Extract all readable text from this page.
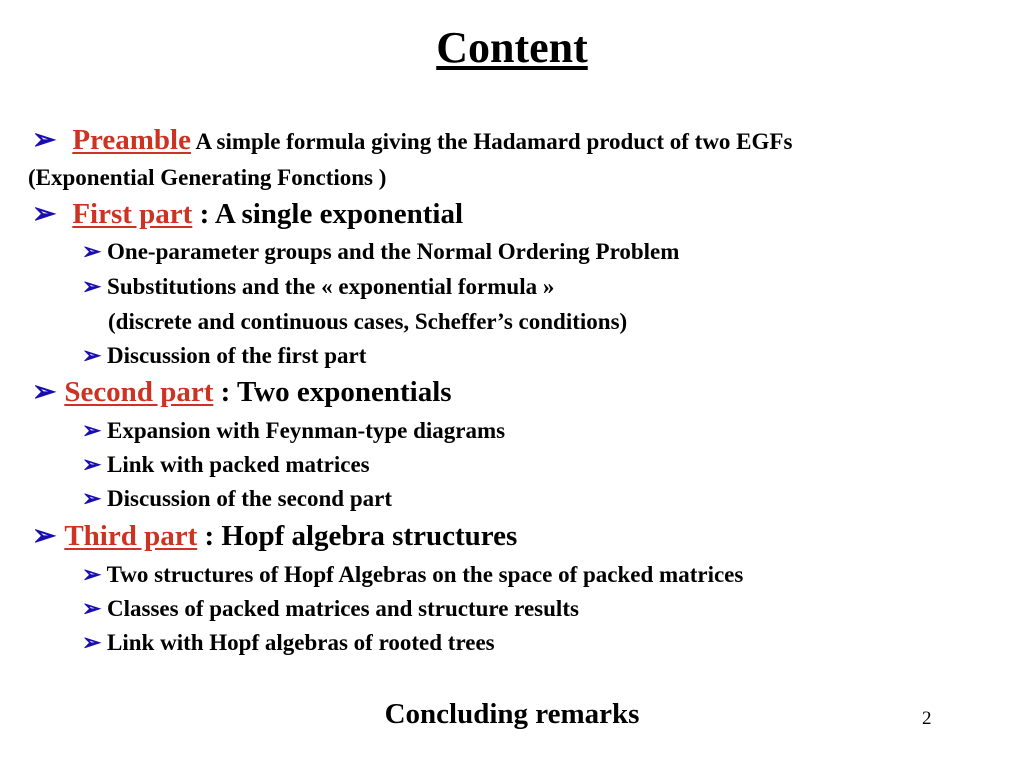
Content
➢ Preamble A simple formula giving the Hadamard product of two EGFs
(Exponential Generating Fonctions )
➢ First part : A single exponential
➢ One-parameter groups and the Normal Ordering Problem
➢ Substitutions and the « exponential formula »
(discrete and continuous cases, Scheffer’s conditions)
➢ Discussion of the first part
➢ Second part : Two exponentials
➢ Expansion with Feynman-type diagrams
➢ Link with packed matrices
➢ Discussion of the second part
➢ Third part : Hopf algebra structures
➢ Two structures of Hopf Algebras on the space of packed matrices
➢ Classes of packed matrices and structure results
➢ Link with Hopf algebras of rooted trees
Concluding remarks	2
